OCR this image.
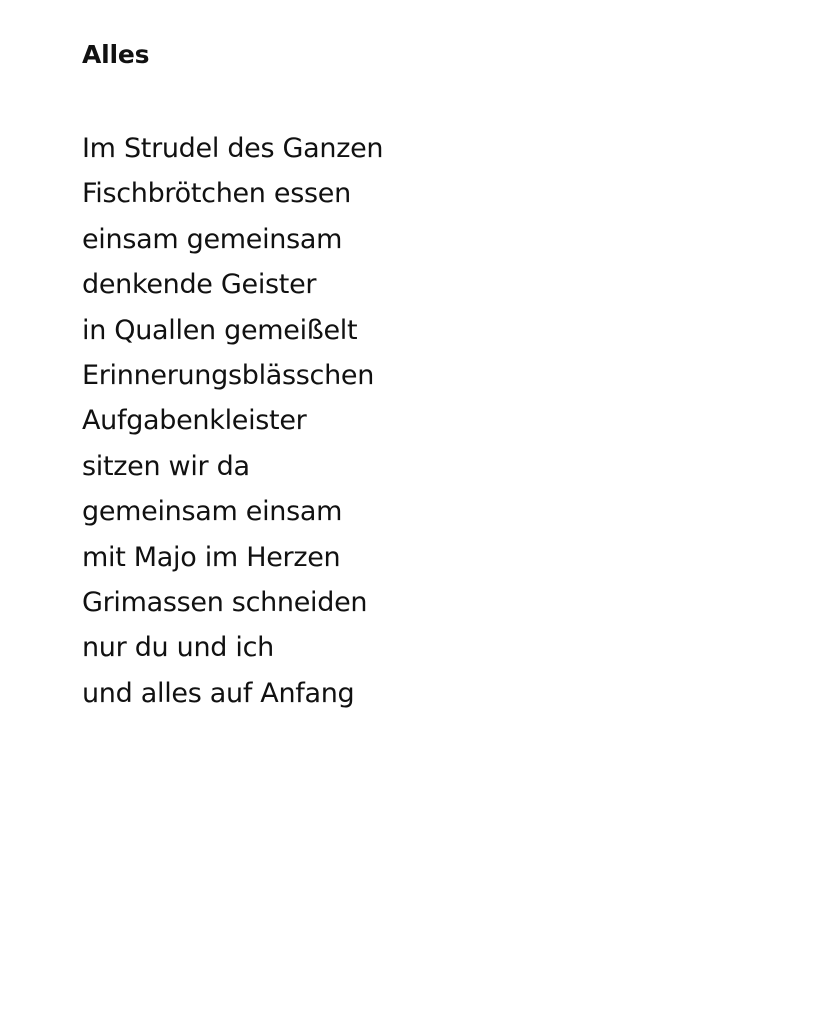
Alles
Im Strudel des Ganzen
Fischbrötchen essen
einsam gemeinsam
denkende Geister
in Quallen gemeißelt
Erinnerungsblässchen
Aufgabenkleister
sitzen wir da
gemeinsam einsam
mit Majo im Herzen
Grimassen schneiden
nur du und ich
und alles auf Anfang
